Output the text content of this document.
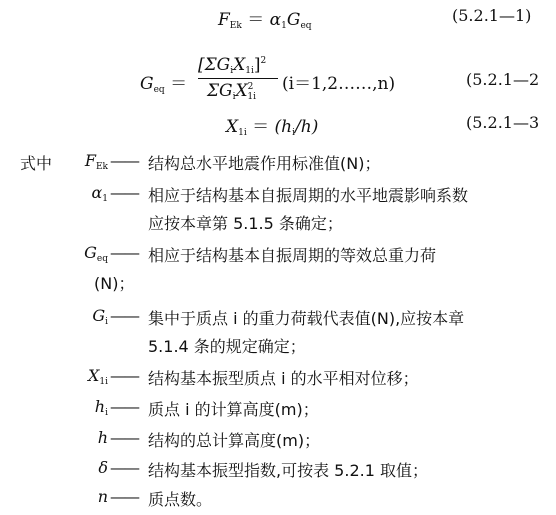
$F_{Ek} = \alpha_1G_{eq}$
(5.2.1—1)
$G_{eq}$ ＝
$[\Sigma G_iX_{1i}]^2$
$\Sigma G_iX^2_{1i}$
(i＝1,2……,n)	(5.2.1—2
$X_{1i} = (h_i/h)$	(5.2.1—3
式中	$F_{Ek}$ —— 结构总水平地震作用标准值(N)；
$\alpha_1$ —— 相应于结构基本自振周期的水平地震影响系数
应按本章第 5.1.5 条确定；
$G_{eq}$ —— 相应于结构基本自振周期的等效总重力荷
(N)；
$G_i$ —— 集中于质点 i 的重力荷载代表值(N),应按本章
5.1.4 条的规定确定；
$X_{1i}$ —— 结构基本振型质点 i 的水平相对位移；
$h_i$ —— 质点 i 的计算高度(m)；
h —— 结构的总计算高度(m)；
δ —— 结构基本振型指数,可按表 5.2.1 取值；
n —— 质点数。
